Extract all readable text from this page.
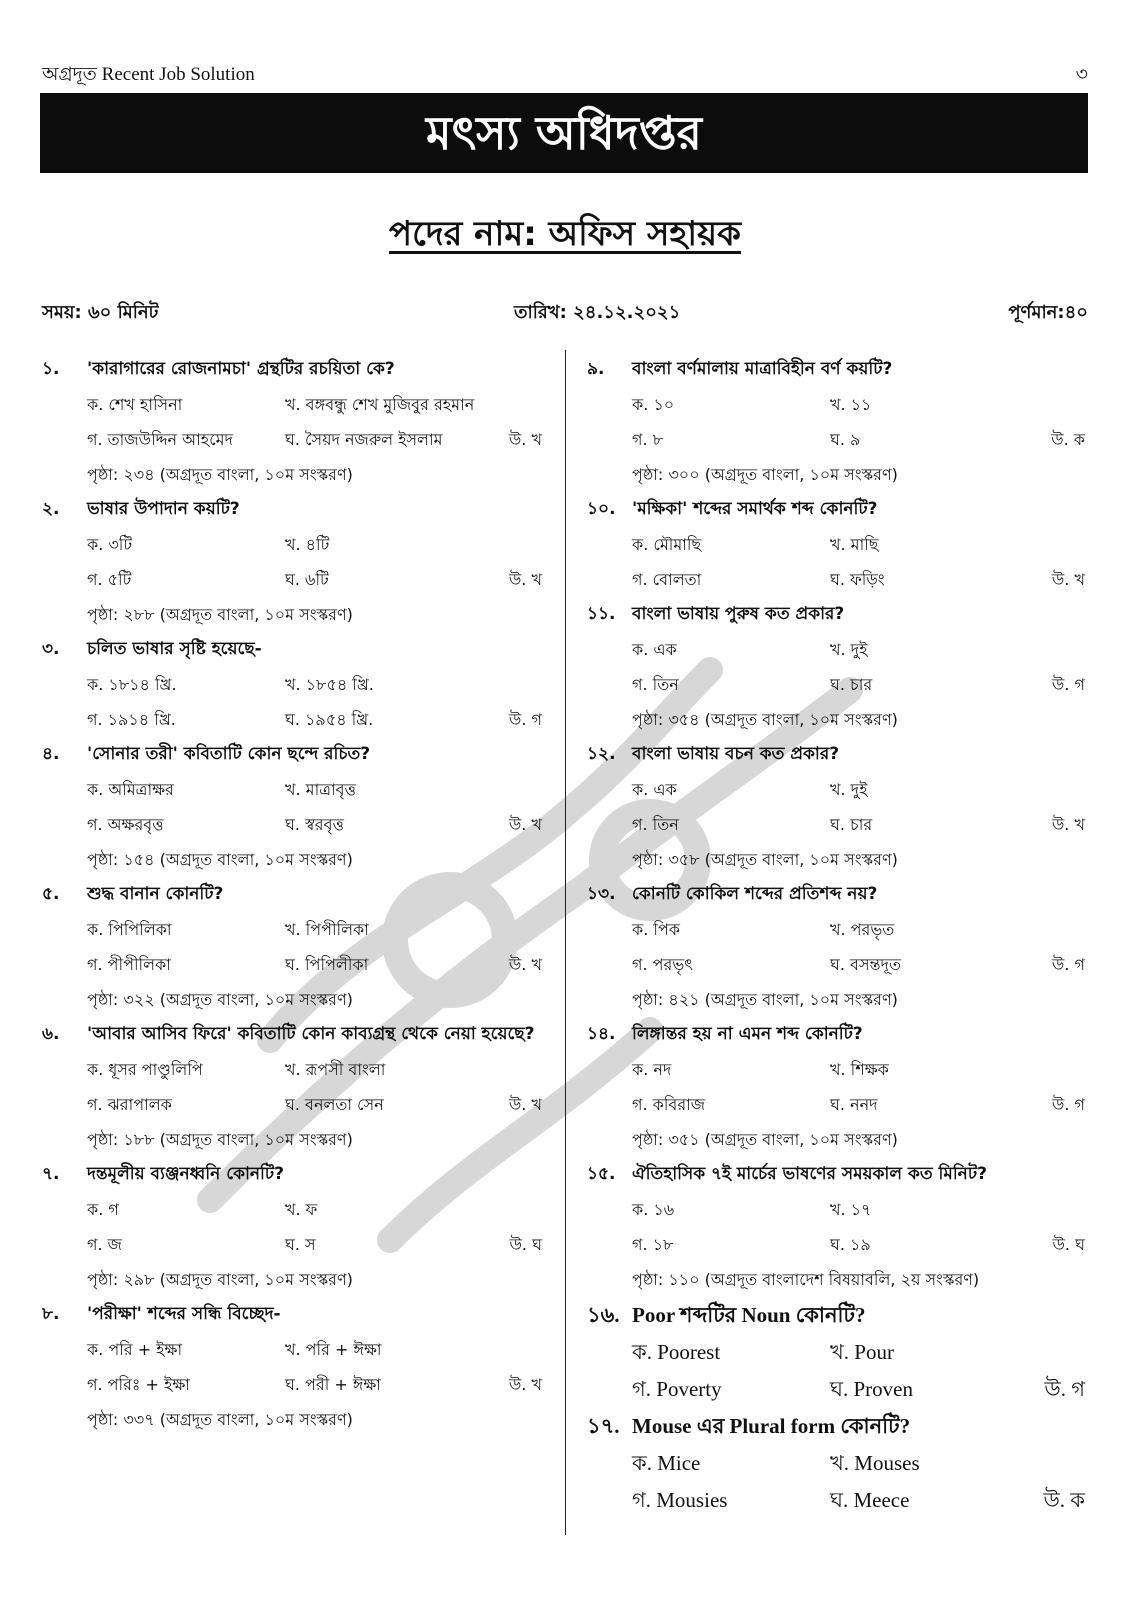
অগ্রদূত Recent Job Solution	৩
মৎস্য অধিদপ্তর
পদের নাম: অফিস সহায়ক
সময়: ৬০ মিনিট	তারিখ: ২৪.১২.২০২১	পূর্ণমান:৪০
১.	'কারাগারের রোজনামচা' গ্রন্থটির রচয়িতা কে?
ক. শেখ হাসিনা	খ. বঙ্গবন্ধু শেখ মুজিবুর রহমান
গ. তাজউদ্দিন আহমেদ	ঘ. সৈয়দ নজরুল ইসলাম	উ. খ
পৃষ্ঠা: ২৩৪ (অগ্রদূত বাংলা, ১০ম সংস্করণ)
২.	ভাষার উপাদান কয়টি?
ক. ৩টি	খ. ৪টি
গ. ৫টি	ঘ. ৬টি	উ. খ
পৃষ্ঠা: ২৮৮ (অগ্রদূত বাংলা, ১০ম সংস্করণ)
৩.	চলিত ভাষার সৃষ্টি হয়েছে-
ক. ১৮১৪ খ্রি.	খ. ১৮৫৪ খ্রি.
গ. ১৯১৪ খ্রি.	ঘ. ১৯৫৪ খ্রি.	উ. গ
৪.	'সোনার তরী' কবিতাটি কোন ছন্দে রচিত?
ক. অমিত্রাক্ষর	খ. মাত্রাবৃত্ত
গ. অক্ষরবৃত্ত	ঘ. স্বরবৃত্ত	উ. খ
পৃষ্ঠা: ১৫৪ (অগ্রদূত বাংলা, ১০ম সংস্করণ)
৫.	শুদ্ধ বানান কোনটি?
ক. পিপিলিকা	খ. পিপীলিকা
গ. পীপীলিকা	ঘ. পিপিলীকা	উ. খ
পৃষ্ঠা: ৩২২ (অগ্রদূত বাংলা, ১০ম সংস্করণ)
৬.	'আবার আসিব ফিরে' কবিতাটি কোন কাব্যগ্রন্থ থেকে নেয়া হয়েছে?
ক. ধূসর পাণ্ডুলিপি	খ. রূপসী বাংলা
গ. ঝরাপালক	ঘ. বনলতা সেন	উ. খ
পৃষ্ঠা: ১৮৮ (অগ্রদূত বাংলা, ১০ম সংস্করণ)
৭.	দন্তমূলীয় ব্যঞ্জনধ্বনি কোনটি?
ক. গ	খ. ফ
গ. জ	ঘ. স	উ. ঘ
পৃষ্ঠা: ২৯৮ (অগ্রদূত বাংলা, ১০ম সংস্করণ)
৮.	'পরীক্ষা' শব্দের সন্ধি বিচ্ছেদ-
ক. পরি + ইক্ষা	খ. পরি + ঈক্ষা
গ. পরিঃ + ইক্ষা	ঘ. পরী + ঈক্ষা	উ. খ
পৃষ্ঠা: ৩৩৭ (অগ্রদূত বাংলা, ১০ম সংস্করণ)
৯.	বাংলা বর্ণমালায় মাত্রাবিহীন বর্ণ কয়টি?
ক. ১০	খ. ১১
গ. ৮	ঘ. ৯	উ. ক
পৃষ্ঠা: ৩০০ (অগ্রদূত বাংলা, ১০ম সংস্করণ)
১০. 'মক্ষিকা' শব্দের সমার্থক শব্দ কোনটি?
ক. মৌমাছি	খ. মাছি
গ. বোলতা	ঘ. ফড়িং	উ. খ
১১. বাংলা ভাষায় পুরুষ কত প্রকার?
ক. এক	খ. দুই
গ. তিন	ঘ. চার	উ. গ
পৃষ্ঠা: ৩৫৪ (অগ্রদূত বাংলা, ১০ম সংস্করণ)
১২. বাংলা ভাষায় বচন কত প্রকার?
ক. এক	খ. দুই
গ. তিন	ঘ. চার	উ. খ
পৃষ্ঠা: ৩৫৮ (অগ্রদূত বাংলা, ১০ম সংস্করণ)
১৩. কোনটি কোকিল শব্দের প্রতিশব্দ নয়?
ক. পিক	খ. পরভৃত
গ. পরভৃৎ	ঘ. বসন্তদূত	উ. গ
পৃষ্ঠা: ৪২১ (অগ্রদূত বাংলা, ১০ম সংস্করণ)
১৪. লিঙ্গান্তর হয় না এমন শব্দ কোনটি?
ক. নদ	খ. শিক্ষক
গ. কবিরাজ	ঘ. ননদ	উ. গ
পৃষ্ঠা: ৩৫১ (অগ্রদূত বাংলা, ১০ম সংস্করণ)
১৫. ঐতিহাসিক ৭ই মার্চের ভাষণের সময়কাল কত মিনিট?
ক. ১৬	খ. ১৭
গ. ১৮	ঘ. ১৯	উ. ঘ
পৃষ্ঠা: ১১০ (অগ্রদূত বাংলাদেশ বিষয়াবলি, ২য় সংস্করণ)
১৬. Poor শব্দটির Noun কোনটি?
ক. Poorest	খ. Pour
গ. Poverty	ঘ. Proven	উ. গ
১৭. Mouse এর Plural form কোনটি?
ক. Mice	খ. Mouses
গ. Mousies	ঘ. Meece	উ. ক
